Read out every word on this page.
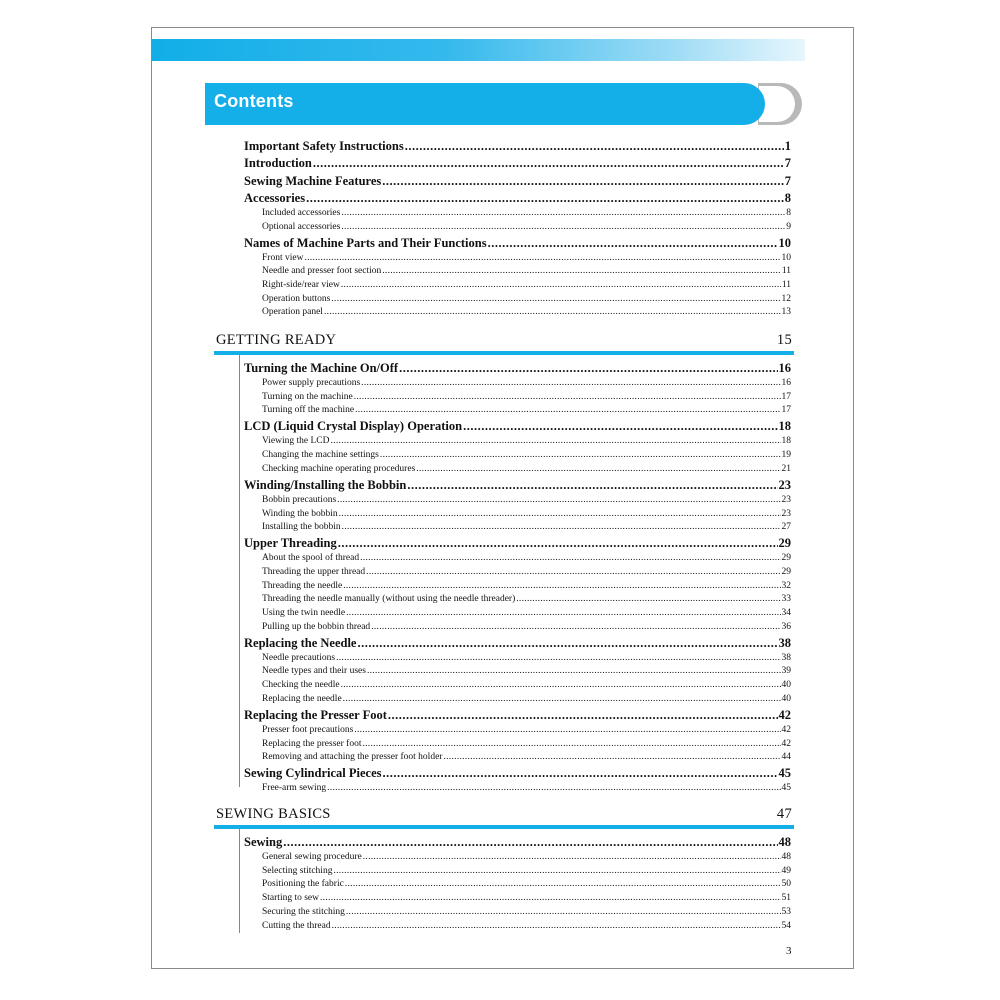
Contents
Important Safety Instructions .....	1
Introduction .....	7
Sewing Machine Features .....	7
Accessories .....	8
Included accessories .....	8
Optional accessories .....	9
Names of Machine Parts and Their Functions .....	10
Front view .....	10
Needle and presser foot section .....	11
Right-side/rear view .....	11
Operation buttons .....	12
Operation panel .....	13
GETTING READY	15
Turning the Machine On/Off .....	16
Power supply precautions .....	16
Turning on the machine .....	17
Turning off the machine .....	17
LCD (Liquid Crystal Display) Operation .....	18
Viewing the LCD .....	18
Changing the machine settings .....	19
Checking machine operating procedures .....	21
Winding/Installing the Bobbin .....	23
Bobbin precautions .....	23
Winding the bobbin .....	23
Installing the bobbin .....	27
Upper Threading .....	29
About the spool of thread .....	29
Threading the upper thread .....	29
Threading the needle .....	32
Threading the needle manually (without using the needle threader) .....	33
Using the twin needle .....	34
Pulling up the bobbin thread .....	36
Replacing the Needle .....	38
Needle precautions .....	38
Needle types and their uses .....	39
Checking the needle .....	40
Replacing the needle .....	40
Replacing the Presser Foot .....	42
Presser foot precautions .....	42
Replacing the presser foot .....	42
Removing and attaching the presser foot holder .....	44
Sewing Cylindrical Pieces .....	45
Free-arm sewing .....	45
SEWING BASICS	47
Sewing .....	48
General sewing procedure .....	48
Selecting stitching .....	49
Positioning the fabric .....	50
Starting to sew .....	51
Securing the stitching .....	53
Cutting the thread .....	54
3
